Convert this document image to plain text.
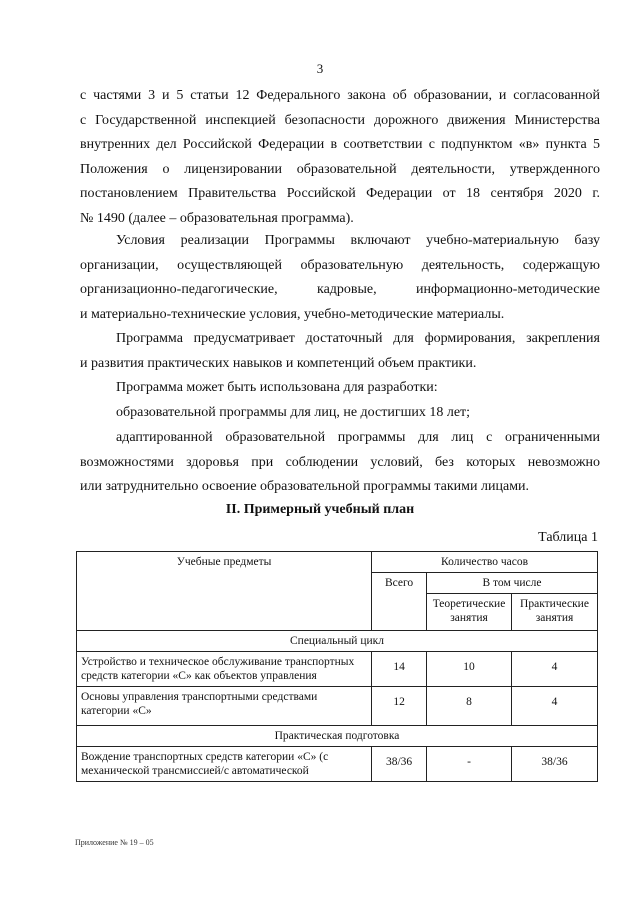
3
с частями 3 и 5 статьи 12 Федерального закона об образовании, и согласованной
с Государственной инспекцией безопасности дорожного движения Министерства
внутренних дел Российской Федерации в соответствии с подпунктом «в» пункта 5
Положения о лицензировании образовательной деятельности, утвержденного
постановлением Правительства Российской Федерации от 18 сентября 2020 г.
№ 1490 (далее – образовательная программа).
Условия реализации Программы включают учебно-материальную базу
организации, осуществляющей образовательную деятельность, содержащую
организационно-педагогические, кадровые, информационно-методические
и материально-технические условия, учебно-методические материалы.
Программа предусматривает достаточный для формирования, закрепления
и развития практических навыков и компетенций объем практики.
Программа может быть использована для разработки:
образовательной программы для лиц, не достигших 18 лет;
адаптированной образовательной программы для лиц с ограниченными
возможностями здоровья при соблюдении условий, без которых невозможно
или затруднительно освоение образовательной программы такими лицами.
II. Примерный учебный план
Таблица 1
Учебные предметы	Количество часов		
	Всего	В том числе	
		Теоретические занятия	Практические занятия
Специальный цикл			
Устройство и техническое обслуживание транспортных средств категории «С» как объектов управления	14	10	4
Основы управления транспортными средствами категории «С»	12	8	4
Практическая подготовка			
Вождение транспортных средств категории «С» (с механической трансмиссией/с автоматической	38/36	-	38/36
Приложение № 19 – 05
